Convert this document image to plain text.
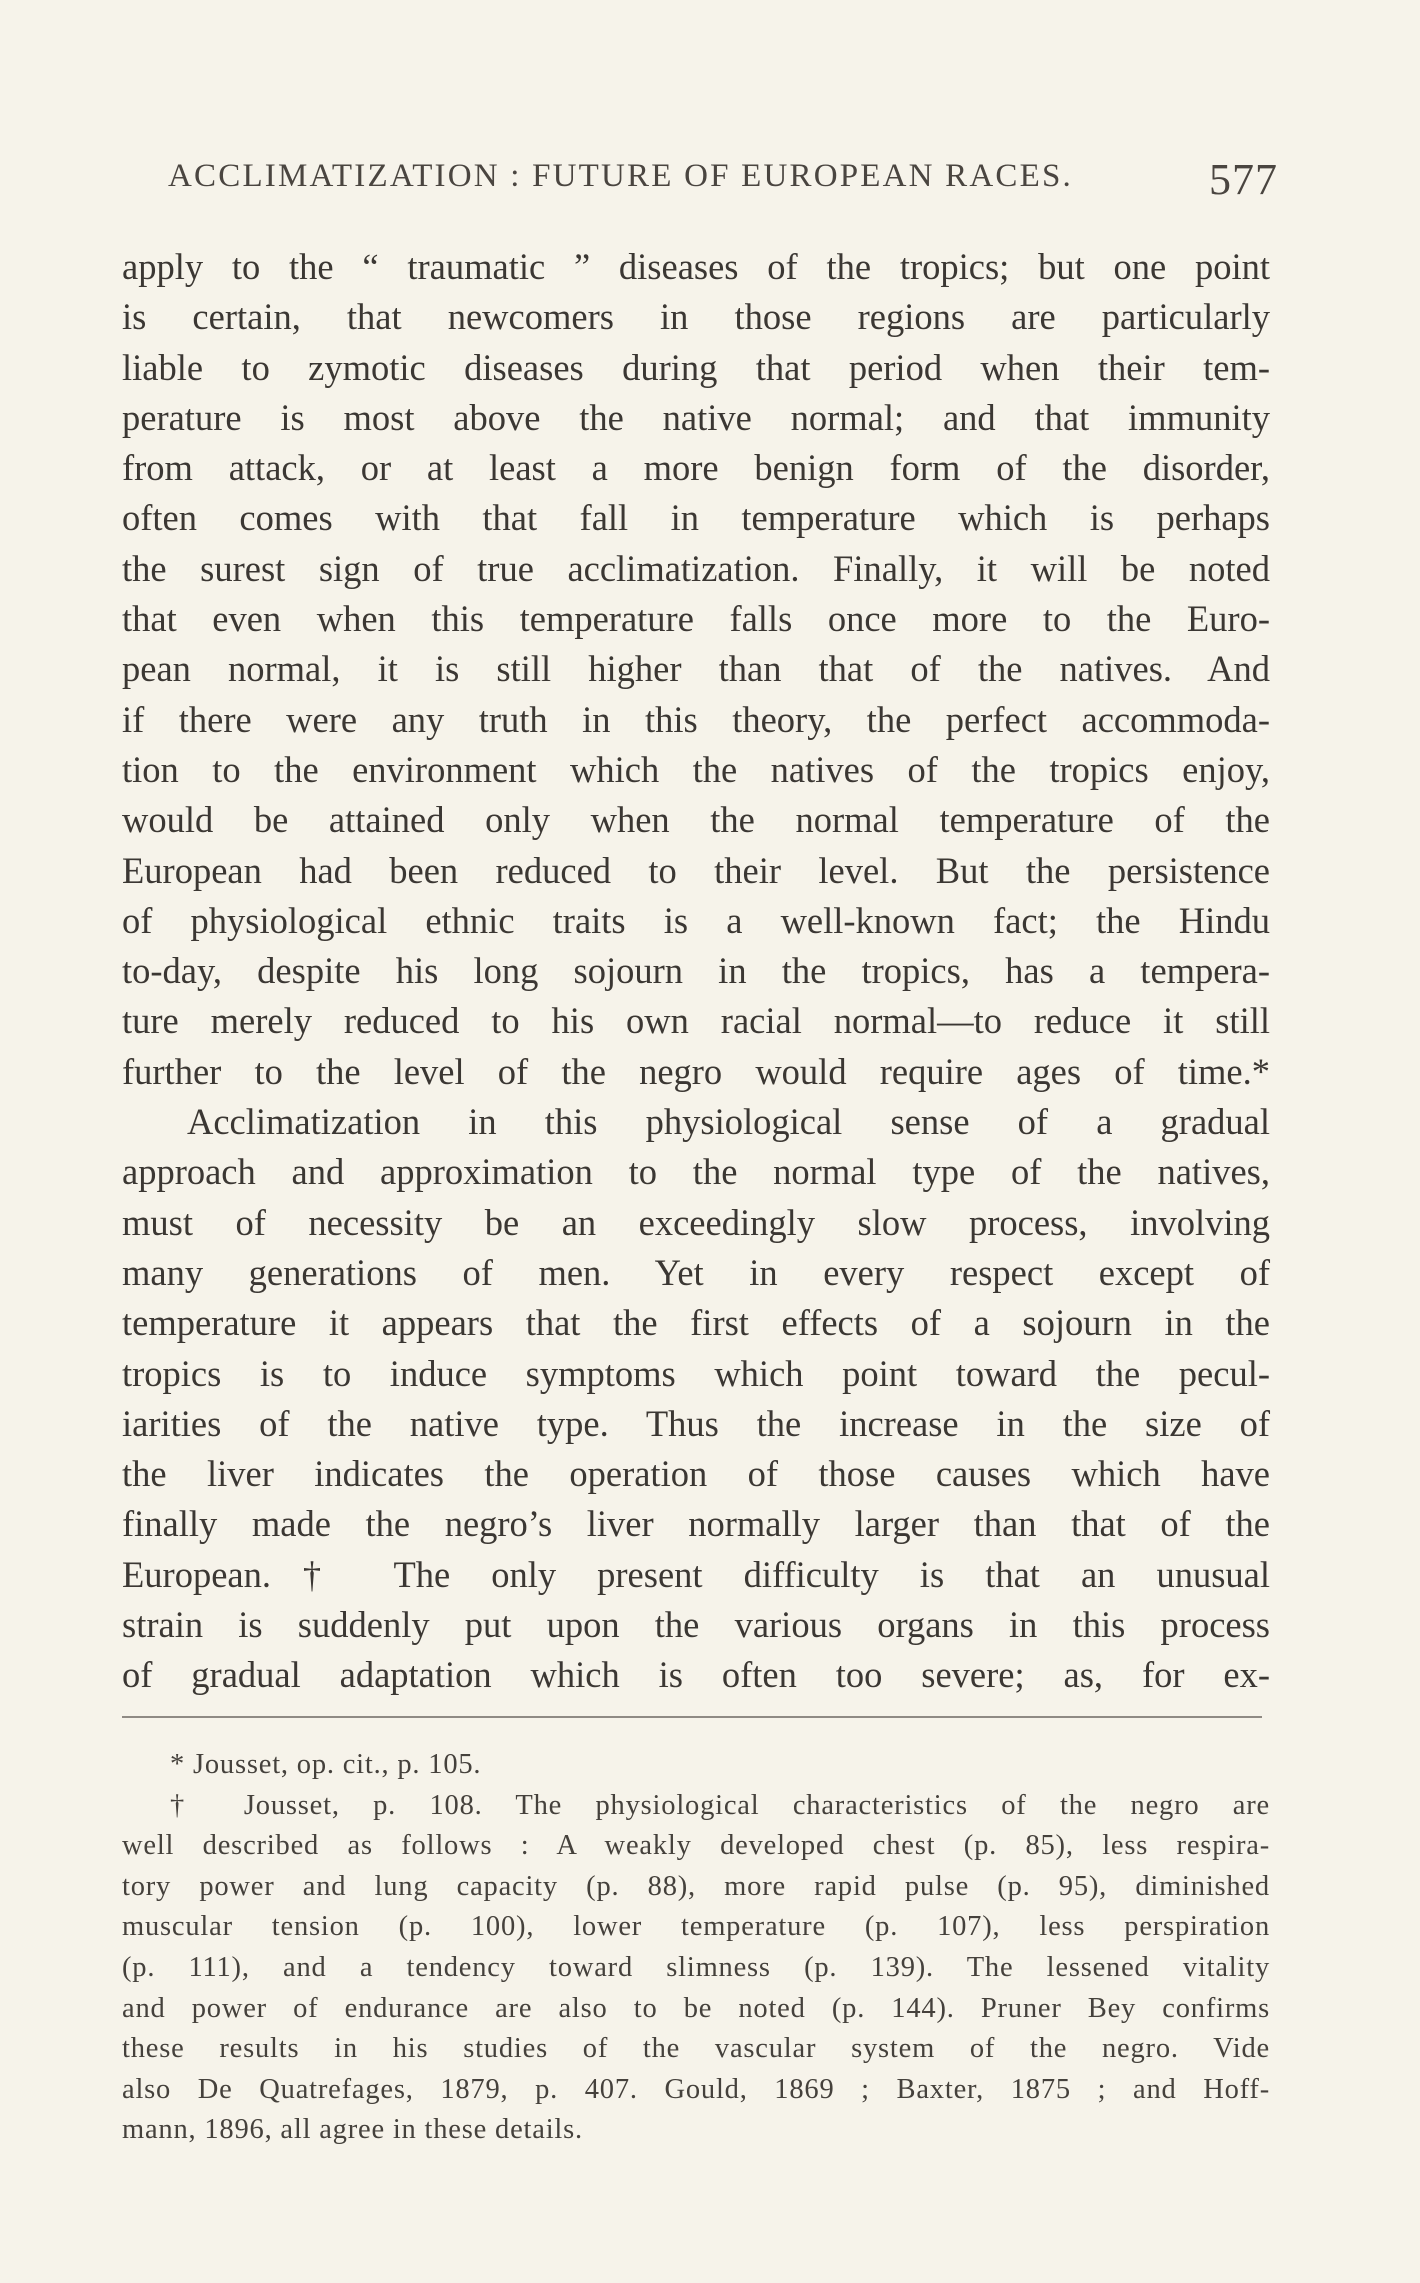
ACCLIMATIZATION : FUTURE OF EUROPEAN RACES.	577
apply to the “ traumatic ” diseases of the tropics; but one point
is certain, that newcomers in those regions are particularly
liable to zymotic diseases during that period when their tem-
perature is most above the native normal; and that immunity
from attack, or at least a more benign form of the disorder,
often comes with that fall in temperature which is perhaps
the surest sign of true acclimatization. Finally, it will be noted
that even when this temperature falls once more to the Euro-
pean normal, it is still higher than that of the natives. And
if there were any truth in this theory, the perfect accommoda-
tion to the environment which the natives of the tropics enjoy,
would be attained only when the normal temperature of the
European had been reduced to their level. But the persistence
of physiological ethnic traits is a well-known fact; the Hindu
to-day, despite his long sojourn in the tropics, has a tempera-
ture merely reduced to his own racial normal—to reduce it still
further to the level of the negro would require ages of time.*
Acclimatization in this physiological sense of a gradual
approach and approximation to the normal type of the natives,
must of necessity be an exceedingly slow process, involving
many generations of men. Yet in every respect except of
temperature it appears that the first effects of a sojourn in the
tropics is to induce symptoms which point toward the pecul-
iarities of the native type. Thus the increase in the size of
the liver indicates the operation of those causes which have
finally made the negro’s liver normally larger than that of the
European.† The only present difficulty is that an unusual
strain is suddenly put upon the various organs in this process
of gradual adaptation which is often too severe; as, for ex-
* Jousset, op. cit., p. 105.
† Jousset, p. 108. The physiological characteristics of the negro are
well described as follows : A weakly developed chest (p. 85), less respira-
tory power and lung capacity (p. 88), more rapid pulse (p. 95), diminished
muscular tension (p. 100), lower temperature (p. 107), less perspiration
(p. 111), and a tendency toward slimness (p. 139). The lessened vitality
and power of endurance are also to be noted (p. 144). Pruner Bey confirms
these results in his studies of the vascular system of the negro. Vide
also De Quatrefages, 1879, p. 407. Gould, 1869 ; Baxter, 1875 ; and Hoff-
mann, 1896, all agree in these details.
